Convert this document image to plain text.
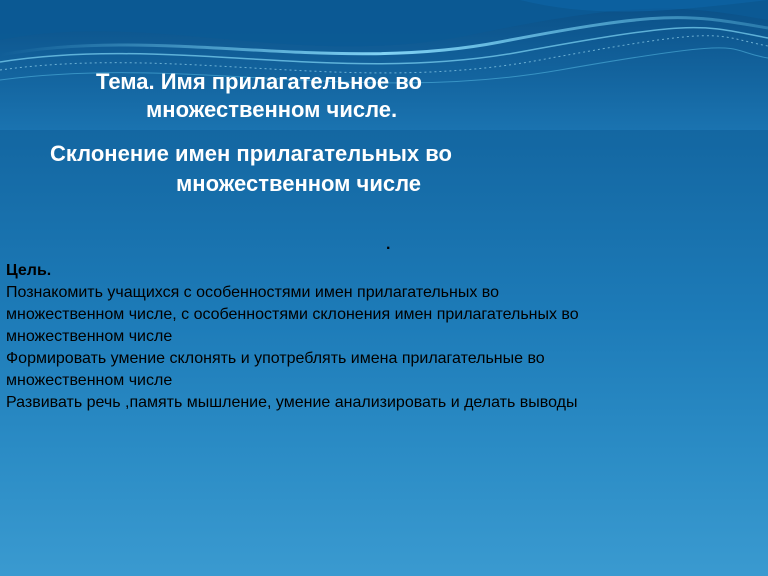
Тема. Имя прилагательное во
множественном числе.
Склонение имен прилагательных во
множественном числе
.
Цель.
Познакомить учащихся с особенностями имен прилагательных во
множественном числе, с особенностями склонения имен прилагательных во
множественном числе
Формировать умение склонять и употреблять имена прилагательные во
множественном числе
Развивать речь ,память мышление, умение анализировать и делать выводы
